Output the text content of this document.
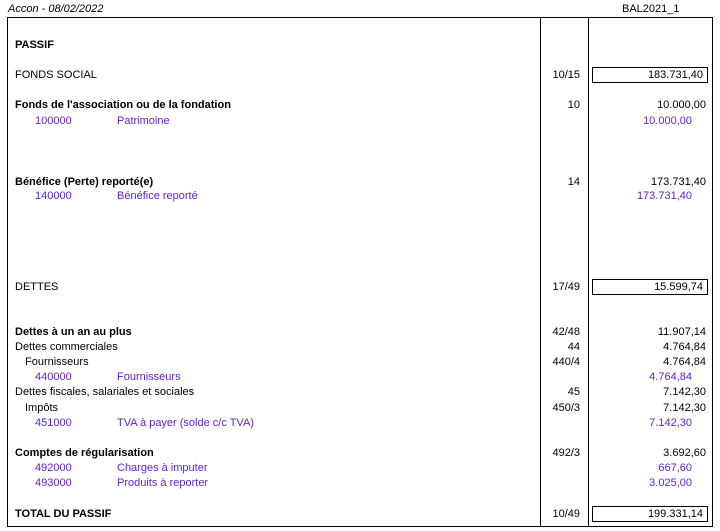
Accon - 08/02/2022	BAL2021_1
PASSIF
FONDS SOCIAL	10/15	183.731,40
Fonds de l'association ou de la fondation	10	10.000,00
100000	Patrimoine	10.000,00
Bénéfice (Perte) reporté(e)	14	173.731,40
140000	Bénéfice reporté	173.731,40
DETTES	17/49	15.599,74
Dettes à un an au plus	42/48	11.907,14
Dettes commerciales	44	4.764,84
Fournisseurs	440/4	4.764,84
440000	Fournisseurs	4.764,84
Dettes fiscales, salariales et sociales	45	7.142,30
Impôts	450/3	7.142,30
451000	TVA à payer (solde c/c TVA)	7.142,30
Comptes de régularisation	492/3	3.692,60
492000	Charges à imputer	667,60
493000	Produits à reporter	3.025,00
TOTAL DU PASSIF	10/49	199.331,14
